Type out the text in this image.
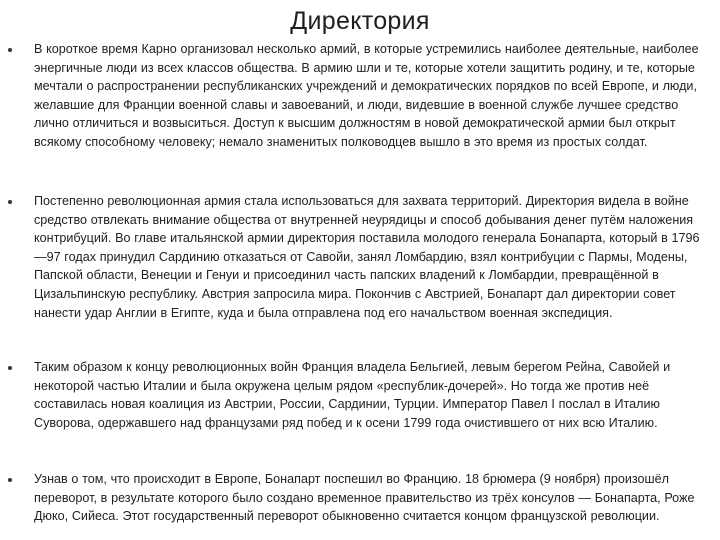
Директория
В короткое время Карно организовал несколько армий, в которые устремились наиболее деятельные, наиболее энергичные люди из всех классов общества. В армию шли и те, которые хотели защитить родину, и те, которые мечтали о распространении республиканских учреждений и демократических порядков по всей Европе, и люди, желавшие для Франции военной славы и завоеваний, и люди, видевшие в военной службе лучшее средство лично отличиться и возвыситься. Доступ к высшим должностям в новой демократической армии был открыт всякому способному человеку; немало знаменитых полководцев вышло в это время из простых солдат.
Постепенно революционная армия стала использоваться для захвата территорий. Директория видела в войне средство отвлекать внимание общества от внутренней неурядицы и способ добывания денег путём наложения контрибуций. Во главе итальянской армии директория поставила молодого генерала Бонапарта, который в 1796—97 годах принудил Сардинию отказаться от Савойи, занял Ломбардию, взял контрибуции с Пармы, Модены, Папской области, Венеции и Генуи и присоединил часть папских владений к Ломбардии, превращённой в Цизальпинскую республику. Австрия запросила мира. Покончив с Австрией, Бонапарт дал директории совет нанести удар Англии в Египте, куда и была отправлена под его начальством военная экспедиция.
Таким образом к концу революционных войн Франция владела Бельгией, левым берегом Рейна, Савойей и некоторой частью Италии и была окружена целым рядом «республик-дочерей». Но тогда же против неё составилась новая коалиция из Австрии, России, Сардинии, Турции. Император Павел I послал в Италию Суворова, одержавшего над французами ряд побед и к осени 1799 года очистившего от них всю Италию.
Узнав о том, что происходит в Европе, Бонапарт поспешил во Францию. 18 брюмера (9 ноября) произошёл переворот, в результате которого было создано временное правительство из трёх консулов — Бонапарта, Роже Дюко, Сийеса. Этот государственный переворот обыкновенно считается концом французской революции.
